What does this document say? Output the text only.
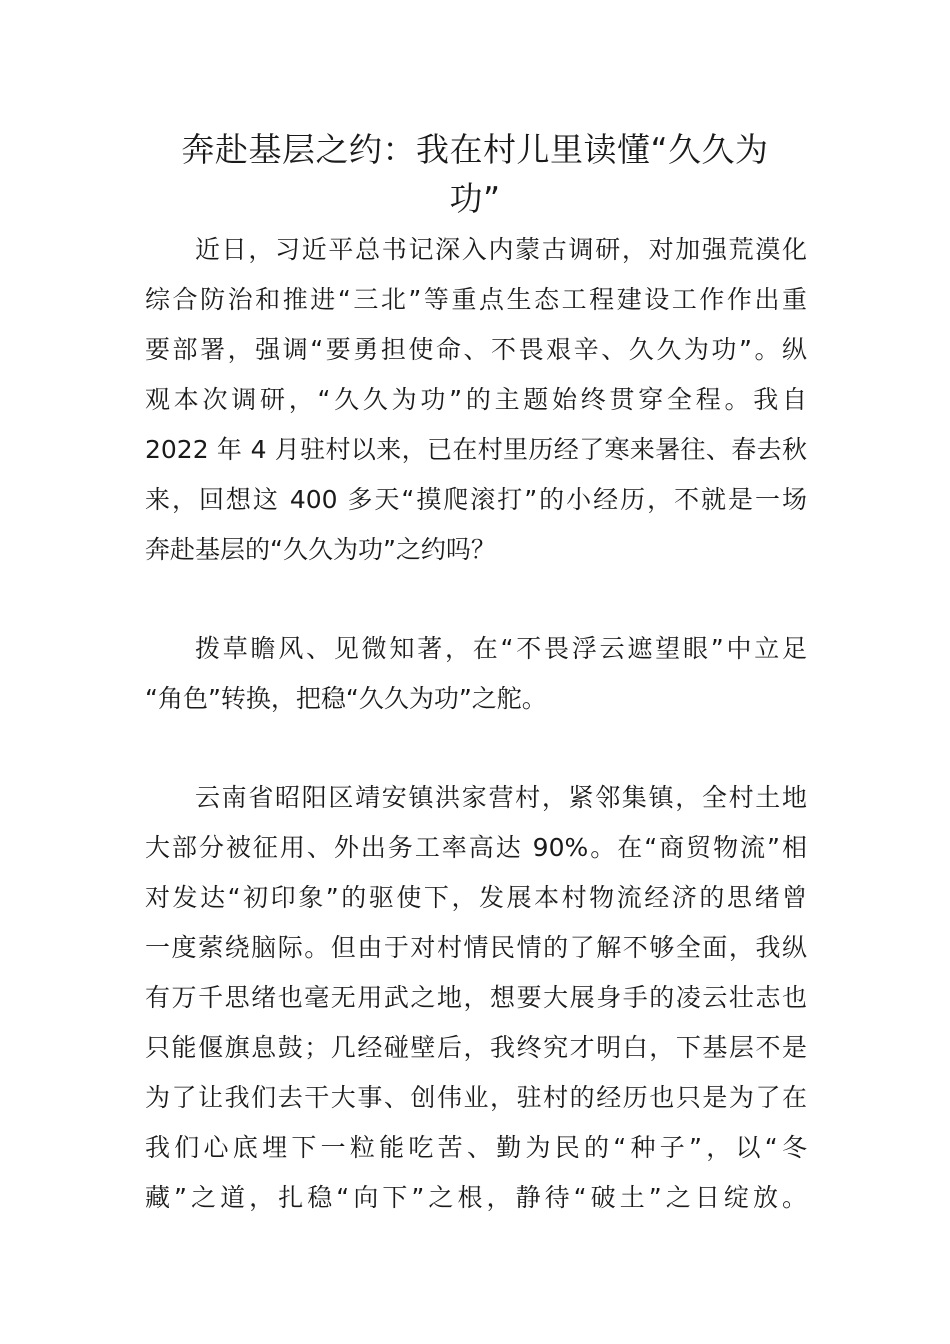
奔赴基层之约：我在村儿里读懂“久久为
功”
近日，习近平总书记深入内蒙古调研，对加强荒漠化
综合防治和推进“三北”等重点生态工程建设工作作出重
要部署，强调“要勇担使命、不畏艰辛、久久为功”。纵
观本次调研，“久久为功”的主题始终贯穿全程。我自
2022 年 4 月驻村以来，已在村里历经了寒来暑往、春去秋
来，回想这 400 多天“摸爬滚打”的小经历，不就是一场
奔赴基层的“久久为功”之约吗？
拨草瞻风、见微知著，在“不畏浮云遮望眼”中立足
“角色”转换，把稳“久久为功”之舵。
云南省昭阳区靖安镇洪家营村，紧邻集镇，全村土地
大部分被征用、外出务工率高达 90%。在“商贸物流”相
对发达“初印象”的驱使下，发展本村物流经济的思绪曾
一度萦绕脑际。但由于对村情民情的了解不够全面，我纵
有万千思绪也毫无用武之地，想要大展身手的凌云壮志也
只能偃旗息鼓；几经碰壁后，我终究才明白，下基层不是
为了让我们去干大事、创伟业，驻村的经历也只是为了在
我们心底埋下一粒能吃苦、勤为民的“种子”，以“冬
藏”之道，扎稳“向下”之根，静待“破土”之日绽放。
